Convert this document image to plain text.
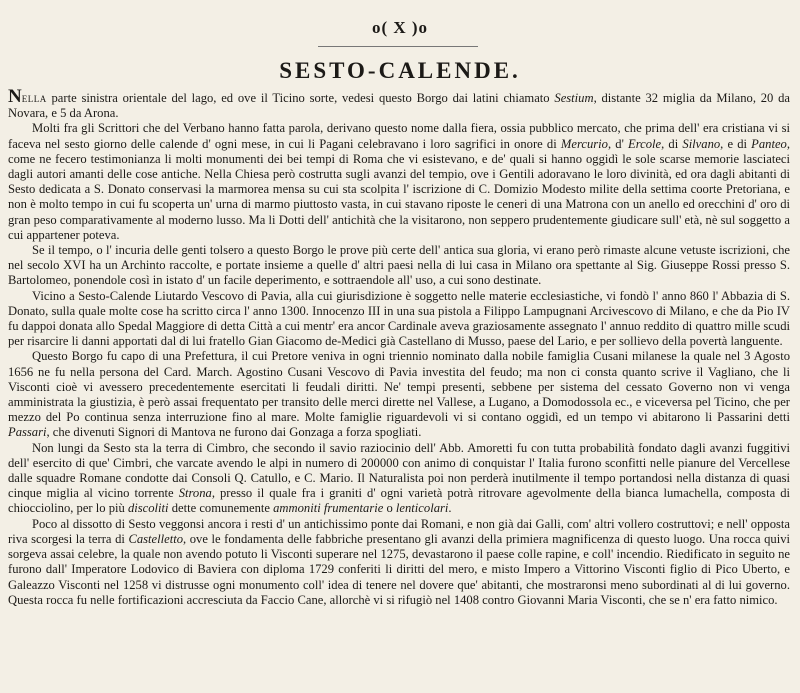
o( X )o
SESTO-CALENDE.

Nella parte sinistra orientale del lago, ed ove il Ticino sorte, vedesi questo Borgo dai latini chiamato Sestium, distante 32 miglia da Milano, 20 da Novara, e 5 da Arona.

Molti fra gli Scrittori che del Verbano hanno fatta parola, derivano questo nome dalla fiera, ossia pubblico mercato, che prima dell' era cristiana vi si faceva nel sesto giorno delle calende d' ogni mese, in cui li Pagani celebravano i loro sagrifici in onore di Mercurio, d' Ercole, di Silvano, e di Panteo, come ne fecero testimonianza li molti monumenti dei bei tempi di Roma che vi esistevano, e de' quali si hanno oggidì le sole scarse memorie lasciateci dagli autori amanti delle cose antiche. Nella Chiesa però costrutta sugli avanzi del tempio, ove i Gentili adoravano le loro divinità, ed ora dagli abitanti di Sesto dedicata a S. Donato conservasi la marmorea mensa su cui sta scolpita l' iscrizione di C. Domizio Modesto milite della settima coorte Pretoriana, e non è molto tempo in cui fu scoperta un' urna di marmo piuttosto vasta, in cui stavano riposte le ceneri di una Matrona con un anello ed orecchini d' oro di gran peso comparativamente al moderno lusso. Ma li Dotti dell' antichità che la visitarono, non seppero prudentemente giudicare sull' età, nè sul soggetto a cui appartener poteva.

Se il tempo, o l' incuria delle genti tolsero a questo Borgo le prove più certe dell' antica sua gloria, vi erano però rimaste alcune vetuste iscrizioni, che nel secolo XVI ha un Archinto raccolte, e portate insieme a quelle d' altri paesi nella di lui casa in Milano ora spettante al Sig. Giuseppe Rossi presso S. Bartolomeo, ponendole così in istato d' un facile deperimento, e sottraendole all' uso, a cui sono destinate.

Vicino a Sesto-Calende Liutardo Vescovo di Pavia, alla cui giurisdizione è soggetto nelle materie ecclesiastiche, vi fondò l' anno 860 l' Abbazia di S. Donato, sulla quale molte cose ha scritto circa l' anno 1300. Innocenzo III in una sua pistola a Filippo Lampugnani Arcivescovo di Milano, e che da Pio IV fu dappoi donata allo Spedal Maggiore di detta Città a cui mentr' era ancor Cardinale aveva graziosamente assegnato l' annuo reddito di quattro mille scudi per risarcire li danni apportati dal di lui fratello Gian Giacomo de-Medici già Castellano di Musso, paese del Lario, e per sollievo della povertà languente.

Questo Borgo fu capo di una Prefettura, il cui Pretore veniva in ogni triennio nominato dalla nobile famiglia Cusani milanese la quale nel 3 Agosto 1656 ne fu nella persona del Card. March. Agostino Cusani Vescovo di Pavia investita del feudo; ma non ci consta quanto scrive il Vagliano, che li Visconti cioè vi avessero precedentemente esercitati li feudali diritti. Ne' tempi presenti, sebbene per sistema del cessato Governo non vi venga amministrata la giustizia, è però assai frequentato per transito delle merci dirette nel Vallese, a Lugano, a Domodossola ec., e viceversa pel Ticino, che per mezzo del Po continua senza interruzione fino al mare. Molte famiglie riguardevoli vi si contano oggidì, ed un tempo vi abitarono li Passarini detti Passari, che divenuti Signori di Mantova ne furono dai Gonzaga a forza spogliati.

Non lungi da Sesto sta la terra di Cimbro, che secondo il savio raziocinio dell' Abb. Amoretti fu con tutta probabilità fondato dagli avanzi fuggitivi dell' esercito di que' Cimbri, che varcate avendo le alpi in numero di 200000 con animo di conquistar l' Italia furono sconfitti nelle pianure del Vercellese dalle squadre Romane condotte dai Consoli Q. Catullo, e C. Mario. Il Naturalista poi non perderà inutilmente il tempo portandosi nella distanza di quasi cinque miglia al vicino torrente Strona, presso il quale fra i graniti d' ogni varietà potrà ritrovare agevolmente della bianca lumachella, composta di chiocciolino, per lo più discoliti dette comunemente ammoniti frumentarie o lenticolari.

Poco al dissotto di Sesto veggonsi ancora i resti d' un antichissimo ponte dai Romani, e non già dai Galli, com' altri vollero costruttovi; e nell' opposta riva scorgesi la terra di Castelletto, ove le fondamenta delle fabbriche presentano gli avanzi della primiera magnificenza di questo luogo. Una rocca quivi sorgeva assai celebre, la quale non avendo potuto li Visconti superare nel 1275, devastarono il paese colle rapine, e coll' incendio. Riedificato in seguito ne furono dall' Imperatore Lodovico di Baviera con diploma 1729 conferiti li diritti del mero, e misto Impero a Vittorino Visconti figlio di Pico Uberto, e Galeazzo Visconti nel 1258 vi distrusse ogni monumento coll' idea di tenere nel dovere que' abitanti, che mostraronsi meno subordinati al di lui governo. Questa rocca fu nelle fortificazioni accresciuta da Faccio Cane, allorchè vi si rifugiò nel 1408 contro Giovanni Maria Visconti, che se n' era fatto nimico.
